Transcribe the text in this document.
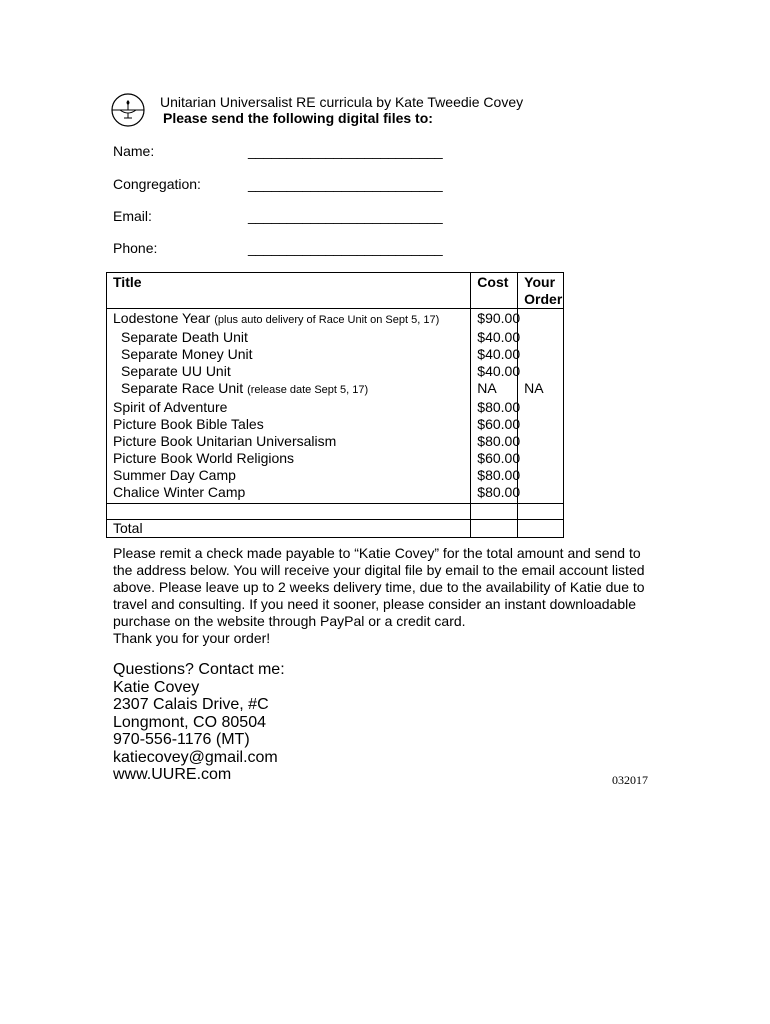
Unitarian Universalist RE curricula by Kate Tweedie Covey
Please send the following digital files to:
Name:	_________________________
Congregation:	_________________________
Email:	_________________________
Phone:	_________________________
Title	Cost	Your
Order
Lodestone Year (plus auto delivery of Race Unit on Sept 5, 17)	$90.00	
Separate Death Unit	$40.00	
Separate Money Unit	$40.00	
Separate UU Unit	$40.00	
Separate Race Unit (release date Sept 5, 17)	NA	NA
Spirit of Adventure	$80.00	
Picture Book Bible Tales	$60.00	
Picture Book Unitarian Universalism	$80.00	
Picture Book World Religions	$60.00	
Summer Day Camp	$80.00	
Chalice Winter Camp	$80.00	

Total		

Please remit a check made payable to “Katie Covey” for the total amount and send to the address below. You will receive your digital file by email to the email account listed above. Please leave up to 2 weeks delivery time, due to the availability of Katie due to travel and consulting. If you need it sooner, please consider an instant downloadable purchase on the website through PayPal or a credit card.

Thank you for your order!

Questions? Contact me:
Katie Covey
2307 Calais Drive, #C
Longmont, CO 80504
970-556-1176 (MT)
katiecovey@gmail.com
www.UURE.com	032017
